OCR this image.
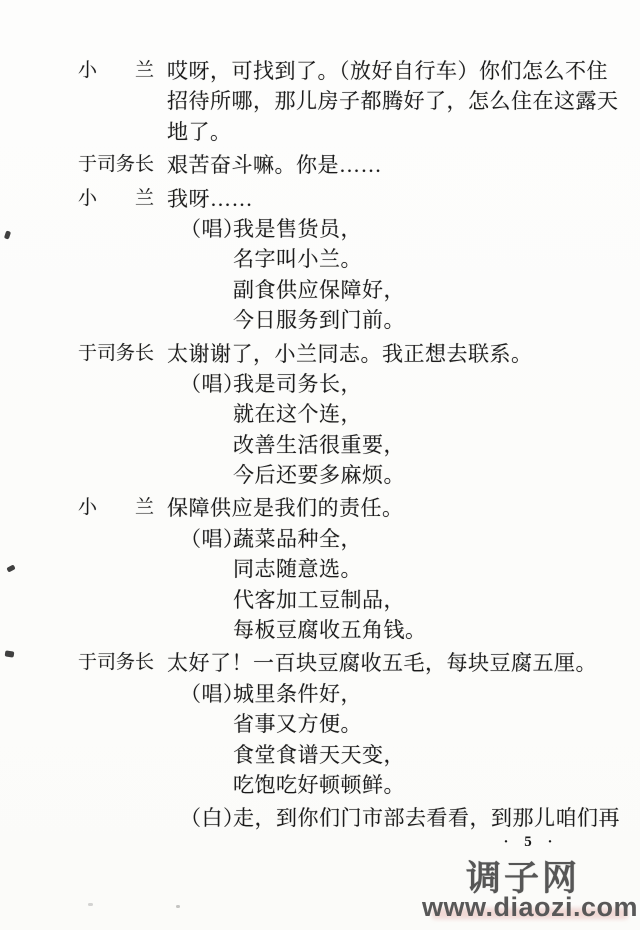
小兰 哎呀，可找到了。（放好自行车）你们怎么不住
招待所哪，那儿房子都腾好了，怎么住在这露天
地了。
于司务长 艰苦奋斗嘛。你是……
小兰 我呀……
（唱）
我是售货员，
名字叫小兰。
副食供应保障好，
今日服务到门前。
于司务长 太谢谢了，小兰同志。我正想去联系。
（唱）
我是司务长，
就在这个连，
改善生活很重要，
今后还要多麻烦。
小兰 保障供应是我们的责任。
（唱）
蔬菜品种全，
同志随意选。
代客加工豆制品，
每板豆腐收五角钱。
于司务长 太好了！一百块豆腐收五毛，每块豆腐五厘。
（唱）
城里条件好，
省事又方便。
食堂食谱天天变，
吃饱吃好顿顿鲜。
（白）
走，到你们门市部去看看，到那儿咱们再
· 5 ·
调子网
www.diaozi.com
